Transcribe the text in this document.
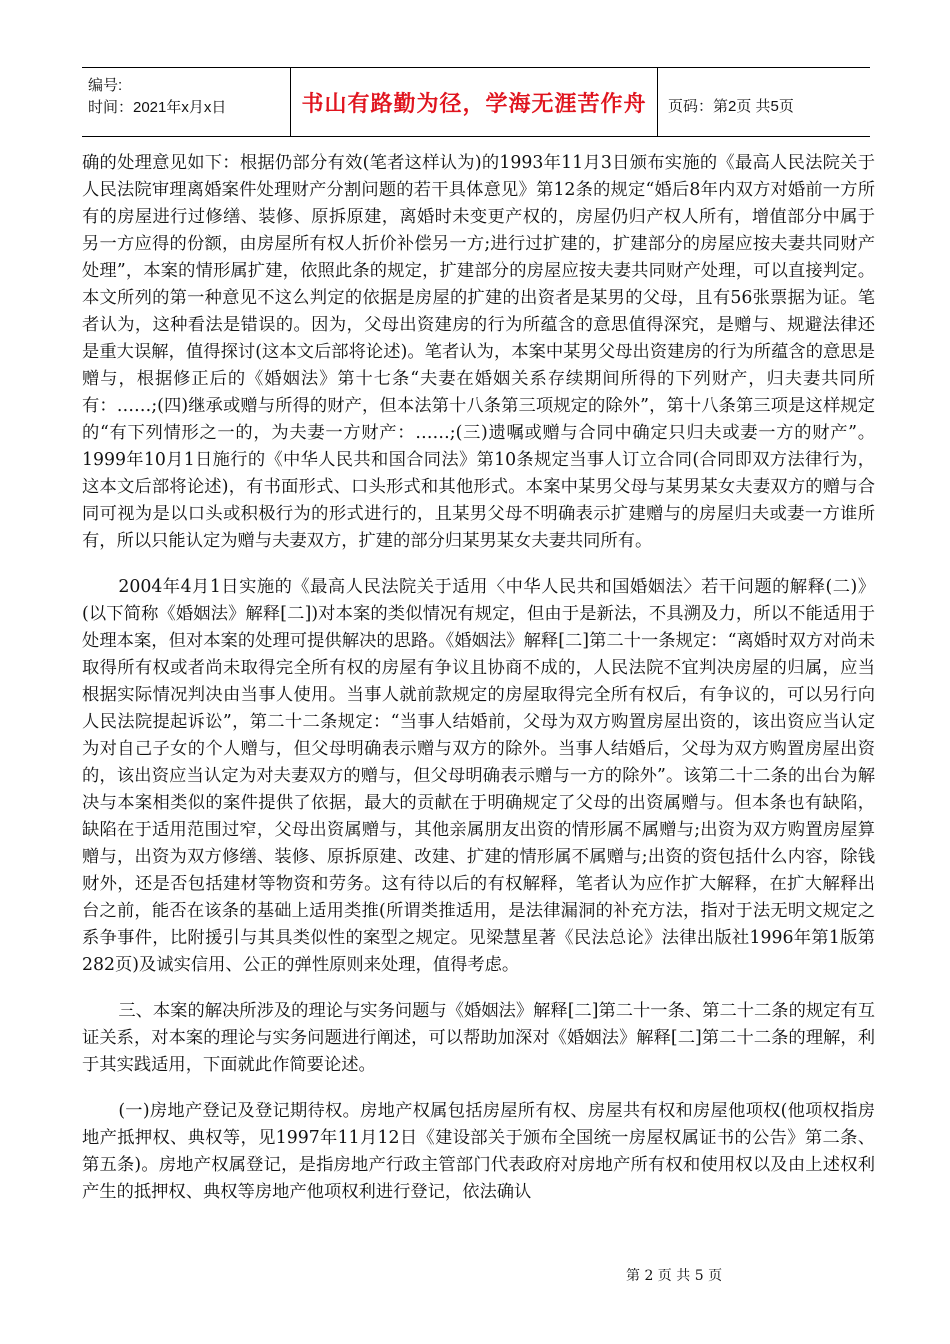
编号:
时间：2021年x月x日	书山有路勤为径，学海无涯苦作舟	页码：第2页 共5页

确的处理意见如下：根据仍部分有效(笔者这样认为)的1993年11月3日颁布实施的《最高人民法院关于人民法院审理离婚案件处理财产分割问题的若干具体意见》第12条的规定“婚后8年内双方对婚前一方所有的房屋进行过修缮、装修、原拆原建，离婚时未变更产权的，房屋仍归产权人所有，增值部分中属于另一方应得的份额，由房屋所有权人折价补偿另一方;进行过扩建的，扩建部分的房屋应按夫妻共同财产处理”，本案的情形属扩建，依照此条的规定，扩建部分的房屋应按夫妻共同财产处理，可以直接判定。本文所列的第一种意见不这么判定的依据是房屋的扩建的出资者是某男的父母，且有56张票据为证。笔者认为，这种看法是错误的。因为，父母出资建房的行为所蕴含的意思值得深究，是赠与、规避法律还是重大误解，值得探讨(这本文后部将论述)。笔者认为，本案中某男父母出资建房的行为所蕴含的意思是赠与，根据修正后的《婚姻法》第十七条“夫妻在婚姻关系存续期间所得的下列财产，归夫妻共同所有：……;(四)继承或赠与所得的财产，但本法第十八条第三项规定的除外”，第十八条第三项是这样规定的“有下列情形之一的，为夫妻一方财产：……;(三)遗嘱或赠与合同中确定只归夫或妻一方的财产”。1999年10月1日施行的《中华人民共和国合同法》第10条规定当事人订立合同(合同即双方法律行为，这本文后部将论述)，有书面形式、口头形式和其他形式。本案中某男父母与某男某女夫妻双方的赠与合同可视为是以口头或积极行为的形式进行的，且某男父母不明确表示扩建赠与的房屋归夫或妻一方谁所有，所以只能认定为赠与夫妻双方，扩建的部分归某男某女夫妻共同所有。

2004年4月1日实施的《最高人民法院关于适用〈中华人民共和国婚姻法〉若干问题的解释(二)》(以下简称《婚姻法》解释[二])对本案的类似情况有规定，但由于是新法，不具溯及力，所以不能适用于处理本案，但对本案的处理可提供解决的思路。《婚姻法》解释[二]第二十一条规定：“离婚时双方对尚未取得所有权或者尚未取得完全所有权的房屋有争议且协商不成的，人民法院不宜判决房屋的归属，应当根据实际情况判决由当事人使用。当事人就前款规定的房屋取得完全所有权后，有争议的，可以另行向人民法院提起诉讼”，第二十二条规定：“当事人结婚前，父母为双方购置房屋出资的，该出资应当认定为对自己子女的个人赠与，但父母明确表示赠与双方的除外。当事人结婚后，父母为双方购置房屋出资的，该出资应当认定为对夫妻双方的赠与，但父母明确表示赠与一方的除外”。该第二十二条的出台为解决与本案相类似的案件提供了依据，最大的贡献在于明确规定了父母的出资属赠与。但本条也有缺陷，缺陷在于适用范围过窄，父母出资属赠与，其他亲属朋友出资的情形属不属赠与;出资为双方购置房屋算赠与，出资为双方修缮、装修、原拆原建、改建、扩建的情形属不属赠与;出资的资包括什么内容，除钱财外，还是否包括建材等物资和劳务。这有待以后的有权解释，笔者认为应作扩大解释，在扩大解释出台之前，能否在该条的基础上适用类推(所谓类推适用，是法律漏洞的补充方法，指对于法无明文规定之系争事件，比附援引与其具类似性的案型之规定。见梁慧星著《民法总论》法律出版社1996年第1版第282页)及诚实信用、公正的弹性原则来处理，值得考虑。

三、本案的解决所涉及的理论与实务问题与《婚姻法》解释[二]第二十一条、第二十二条的规定有互证关系，对本案的理论与实务问题进行阐述，可以帮助加深对《婚姻法》解释[二]第二十二条的理解，利于其实践适用，下面就此作简要论述。

(一)房地产登记及登记期待权。房地产权属包括房屋所有权、房屋共有权和房屋他项权(他项权指房地产抵押权、典权等，见1997年11月12日《建设部关于颁布全国统一房屋权属证书的公告》第二条、第五条)。房地产权属登记，是指房地产行政主管部门代表政府对房地产所有权和使用权以及由上述权利产生的抵押权、典权等房地产他项权利进行登记，依法确认

第 2 页 共 5 页
